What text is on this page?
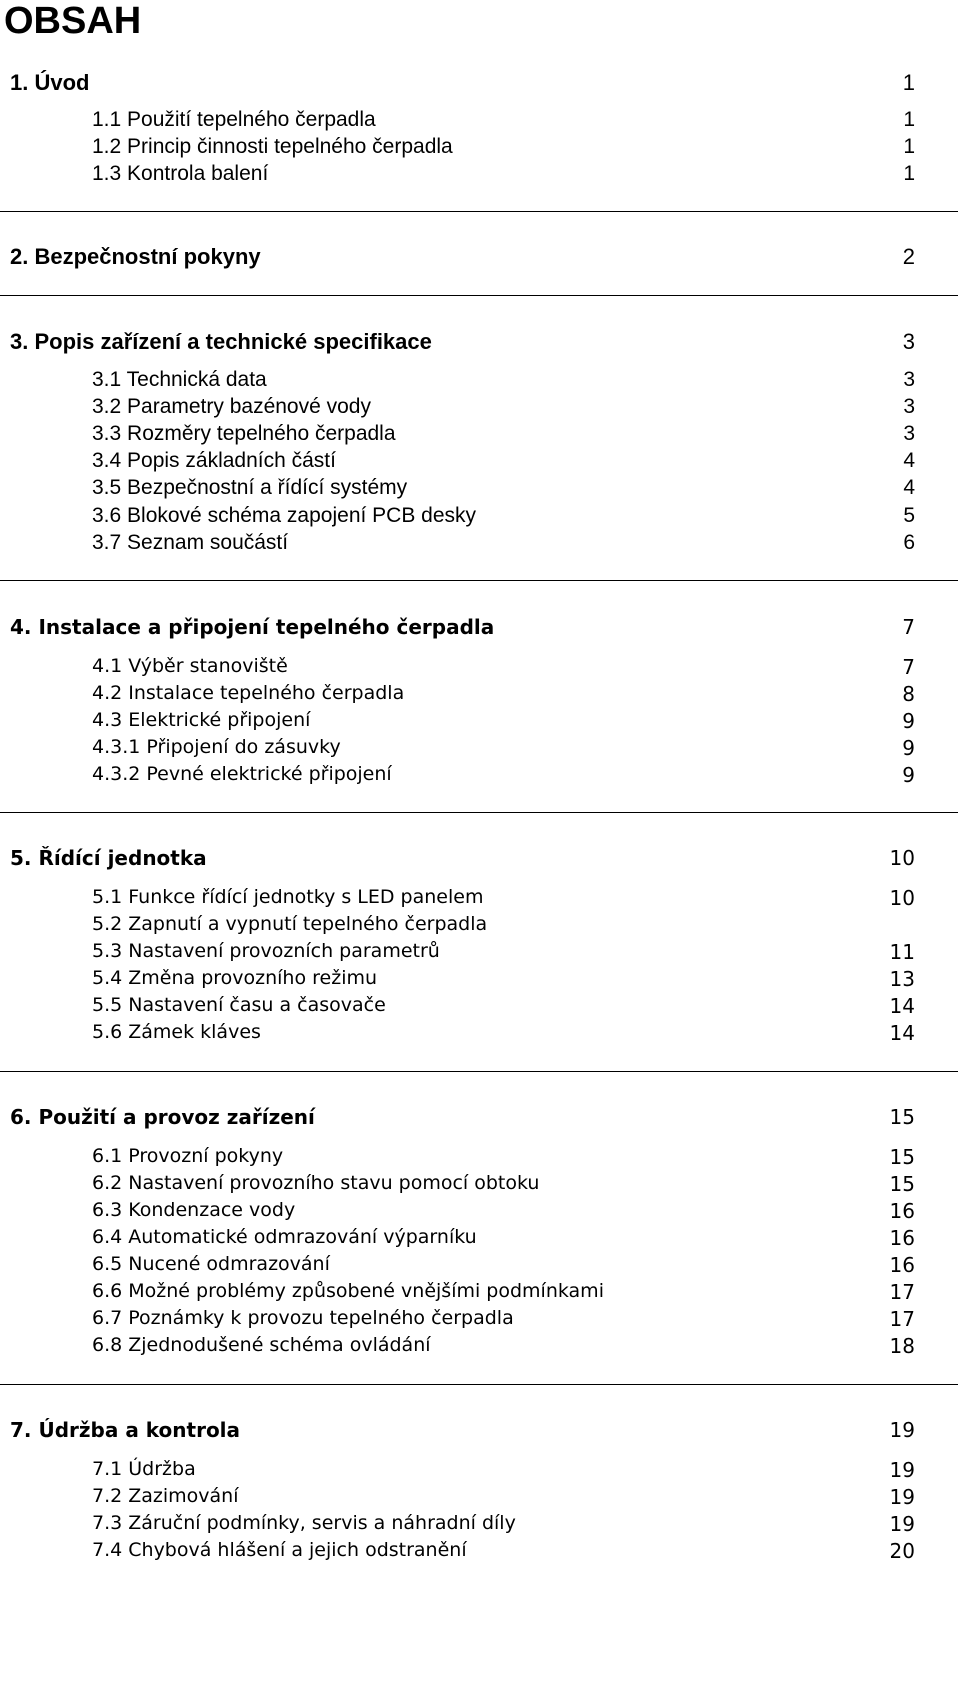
OBSAH
1. Úvod	1
1.1 Použití tepelného čerpadla	1
1.2 Princip činnosti tepelného čerpadla	1
1.3 Kontrola balení	1
2. Bezpečnostní pokyny	2
3. Popis zařízení a technické specifikace	3
3.1 Technická data	3
3.2 Parametry bazénové vody	3
3.3 Rozměry tepelného čerpadla	3
3.4 Popis základních částí	4
3.5 Bezpečnostní a řídící systémy	4
3.6 Blokové schéma zapojení PCB desky	5
3.7 Seznam součástí	6
4. Instalace a připojení tepelného čerpadla	7
4.1 Výběr stanoviště	7
4.2 Instalace tepelného čerpadla	8
4.3 Elektrické připojení	9
4.3.1 Připojení do zásuvky	9
4.3.2 Pevné elektrické připojení	9
5. Řídící jednotka	10
5.1 Funkce řídící jednotky s LED panelem	10
5.2 Zapnutí a vypnutí tepelného čerpadla
5.3 Nastavení provozních parametrů	11
5.4 Změna provozního režimu	13
5.5 Nastavení času a časovače	14
5.6 Zámek kláves	14
6. Použití a provoz zařízení	15
6.1 Provozní pokyny	15
6.2 Nastavení provozního stavu pomocí obtoku	15
6.3 Kondenzace vody	16
6.4 Automatické odmrazování výparníku	16
6.5 Nucené odmrazování	16
6.6 Možné problémy způsobené vnějšími podmínkami	17
6.7 Poznámky k provozu tepelného čerpadla	17
6.8 Zjednodušené schéma ovládání	18
7. Údržba a kontrola	19
7.1 Údržba	19
7.2 Zazimování	19
7.3 Záruční podmínky, servis a náhradní díly	19
7.4 Chybová hlášení a jejich odstranění	20
